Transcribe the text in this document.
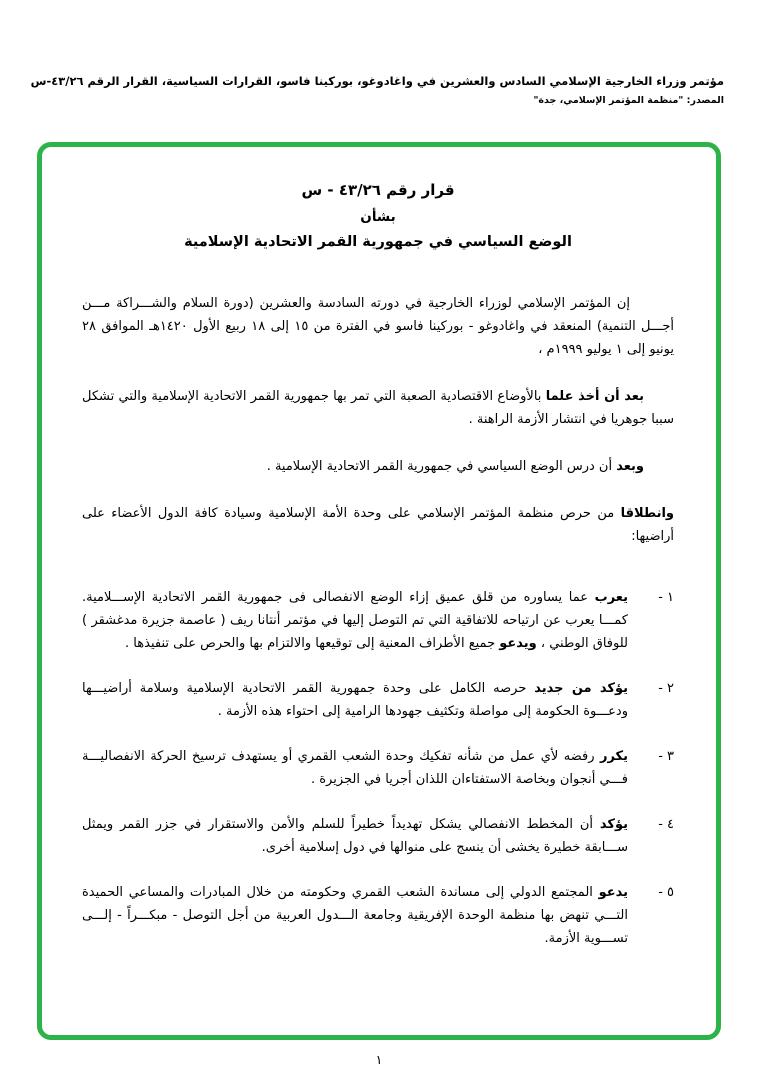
مؤتمر وزراء الخارجية الإسلامي السادس والعشرين في واغادوغو، بوركينا فاسو، القرارات السياسية، القرار الرقم ٤٣/٢٦-س
المصدر: "منظمة المؤتمر الإسلامي، جدة"
قرار رقم ٤٣/٢٦ - س
بشأن
الوضع السياسي في جمهورية القمر الاتحادية الإسلامية

إن المؤتمر الإسلامي لوزراء الخارجية في دورته السادسة والعشرين (دورة السلام والشـــراكة مـــن أجـــل التنمية) المنعقد في واغادوغو - بوركينا فاسو في الفترة من ١٥ إلى ١٨ ربيع الأول ١٤٢٠هـ الموافق ٢٨ يونيو إلى ١ يوليو ١٩٩٩م ،

بعد أن أخذ علما بالأوضاع الاقتصادية الصعبة التي تمر بها جمهورية القمر الاتحادية الإسلامية والتي تشكل سببا جوهريا في انتشار الأزمة الراهنة .

وبعد أن درس الوضع السياسي في جمهورية القمر الاتحادية الإسلامية .

وانطلاقا من حرص منظمة المؤتمر الإسلامي على وحدة الأمة الإسلامية وسيادة كافة الدول الأعضاء على أراضيها:

١ -
يعرب عما يساوره من قلق عميق إزاء الوضع الانفصالى فى جمهورية القمر الاتحادية الإســـلامية. كمـــا يعرب عن ارتياحه للاتفاقية التي تم التوصل إليها في مؤتمر أنتانا ريف ( عاصمة جزيرة مدغشقر ) للوفاق الوطني ، ويدعو جميع الأطراف المعنية إلى توقيعها والالتزام بها والحرص على تنفيذها .
٢ -
يؤكد من جديد حرصه الكامل على وحدة جمهورية القمر الاتحادية الإسلامية وسلامة أراضيـــها ودعـــوة الحكومة إلى مواصلة وتكثيف جهودها الرامية إلى احتواء هذه الأزمة .
٣ -
يكرر رفضه لأي عمل من شأنه تفكيك وحدة الشعب القمري أو يستهدف ترسيخ الحركة الانفصاليـــة فـــي أنجوان وبخاصة الاستفتاءان اللذان أجريا في الجزيرة .
٤ -
يؤكد أن المخطط الانفصالي يشكل تهديداً خطيراً للسلم والأمن والاستقرار في جزر القمر ويمثل ســـابقة خطيرة يخشى أن ينسج على منوالها في دول إسلامية أخرى.
٥ -
يدعو المجتمع الدولي إلى مساندة الشعب القمري وحكومته من خلال المبادرات والمساعي الحميدة التـــي تنهض بها منظمة الوحدة الإفريقية وجامعة الـــدول العربية من أجل التوصل - مبكـــراً - إلـــى تســـوية الأزمة.
١
